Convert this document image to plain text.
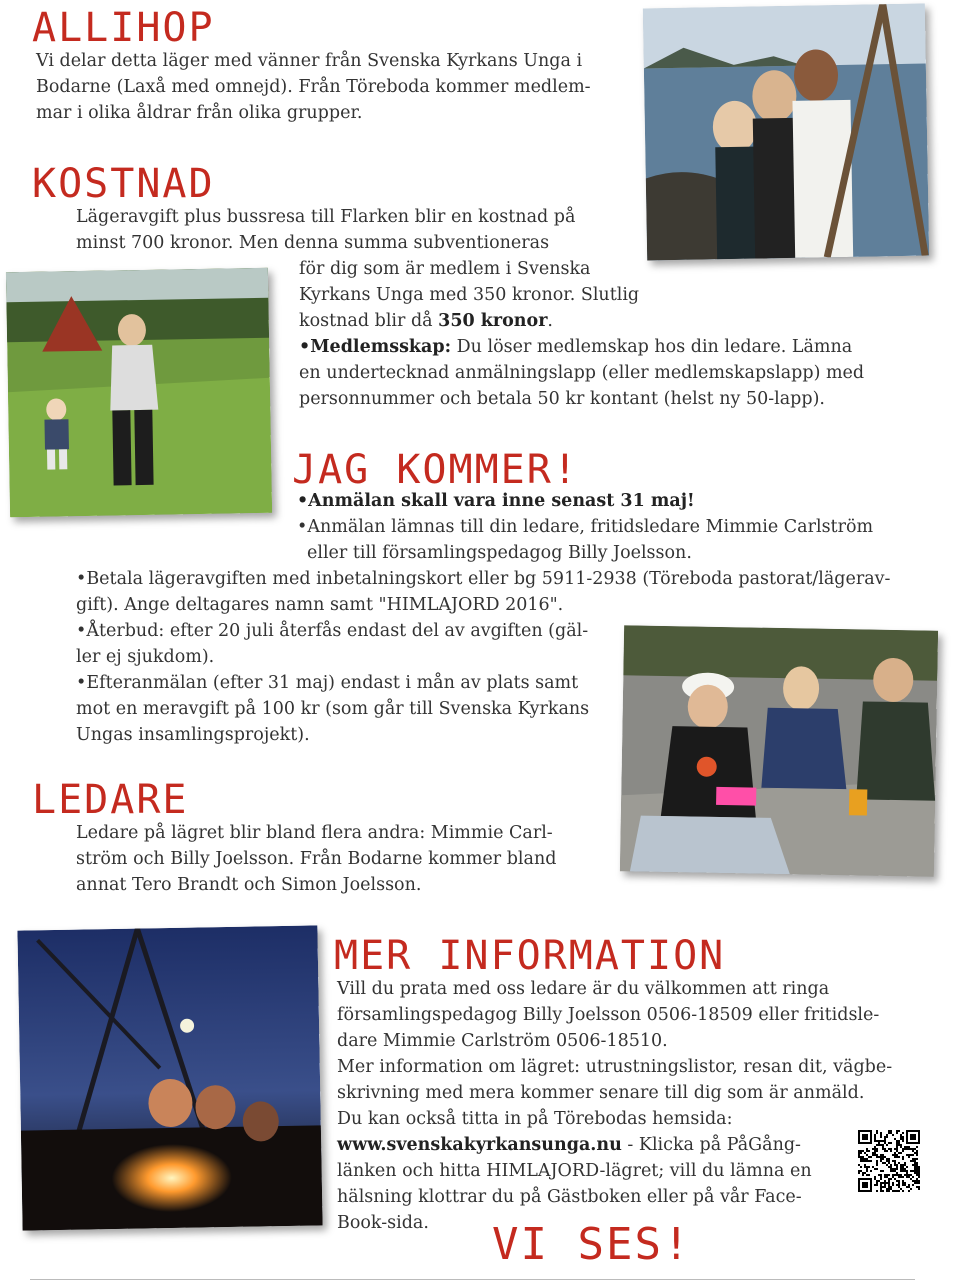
ALLIHOP

Vi delar detta läger med vänner från Svenska Kyrkans Unga i

Bodarne (Laxå med omnejd). Från Töreboda kommer medlem-

mar i olika åldrar från olika grupper.

KOSTNAD

Lägeravgift plus bussresa till Flarken blir en kostnad på

minst 700 kronor. Men denna summa subventioneras

för dig som är medlem i Svenska

Kyrkans Unga med 350 kronor. Slutlig

kostnad blir då 350 kronor.

•Medlemsskap: Du löser medlemskap hos din ledare. Lämna

en undertecknad anmälningslapp (eller medlemskapslapp) med

personnummer och betala 50 kr kontant (helst ny 50-lapp).

JAG KOMMER!

•Anmälan skall vara inne senast 31 maj!

•Anmälan lämnas till din ledare, fritidsledare Mimmie Carlström

eller till församlingspedagog Billy Joelsson.

•Betala lägeravgiften med inbetalningskort eller bg 5911-2938 (Töreboda pastorat/lägerav-

gift). Ange deltagares namn samt "HIMLAJORD 2016".

•Återbud: efter 20 juli återfås endast del av avgiften (gäl-

ler ej sjukdom).

•Efteranmälan (efter 31 maj) endast i mån av plats samt

mot en meravgift på 100 kr (som går till Svenska Kyrkans

Ungas insamlingsprojekt).

LEDARE

Ledare på lägret blir bland flera andra: Mimmie Carl-

ström och Billy Joelsson. Från Bodarne kommer bland

annat Tero Brandt och Simon Joelsson.

MER INFORMATION

Vill du prata med oss ledare är du välkommen att ringa

församlingspedagog Billy Joelsson 0506-18509 eller fritidsle-

dare Mimmie Carlström 0506-18510.

Mer information om lägret: utrustningslistor, resan dit, vägbe-

skrivning med mera kommer senare till dig som är anmäld.

Du kan också titta in på Törebodas hemsida:

www.svenskakyrkansunga.nu - Klicka på PåGång-

länken och hitta HIMLAJORD-lägret; vill du lämna en

hälsning klottrar du på Gästboken eller på vår Face-

Book-sida.	VI SES!
